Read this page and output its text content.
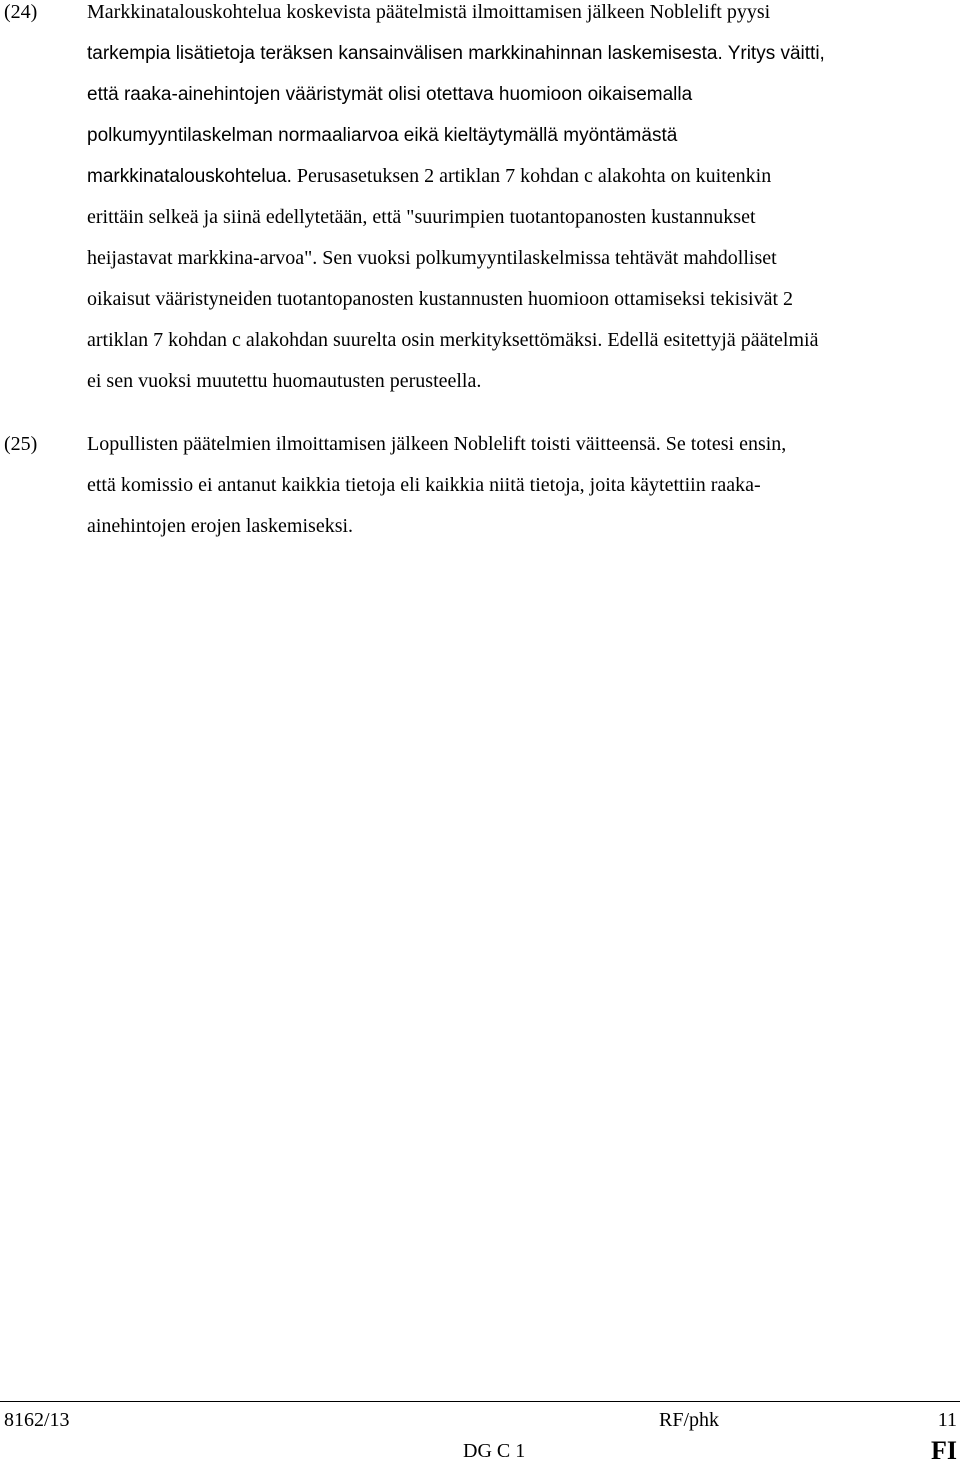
(24) Markkinatalouskohtelua koskevista päätelmistä ilmoittamisen jälkeen Noblelift pyysi
tarkempia lisätietoja teräksen kansainvälisen markkinahinnan laskemisesta. Yritys väitti,
että raaka-ainehintojen vääristymät olisi otettava huomioon oikaisemalla
polkumyyntilaskelman normaaliarvoa eikä kieltäytymällä myöntämästä
markkinatalouskohtelua. Perusasetuksen 2 artiklan 7 kohdan c alakohta on kuitenkin
erittäin selkeä ja siinä edellytetään, että "suurimpien tuotantopanosten kustannukset
heijastavat markkina-arvoa". Sen vuoksi polkumyyntilaskelmissa tehtävät mahdolliset
oikaisut vääristyneiden tuotantopanosten kustannusten huomioon ottamiseksi tekisivät 2
artiklan 7 kohdan c alakohdan suurelta osin merkityksettömäksi. Edellä esitettyjä päätelmiä
ei sen vuoksi muutettu huomautusten perusteella.
(25) Lopullisten päätelmien ilmoittamisen jälkeen Noblelift toisti väitteensä. Se totesi ensin,
että komissio ei antanut kaikkia tietoja eli kaikkia niitä tietoja, joita käytettiin raaka-
ainehintojen erojen laskemiseksi.
8162/13	RF/phk	11
DG C 1	FI
